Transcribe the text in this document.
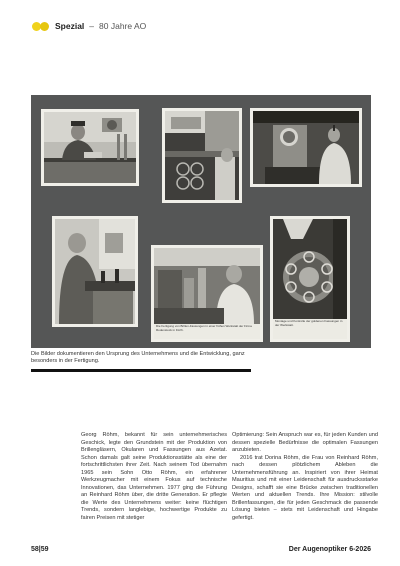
Spezial – 80 Jahre AO
Die Fertigung von Brillen-Fassungen in einer frühen Werkstatt der Firma Rodenstock in Fürth.
Montage und Kontrolle der goldenen Fassungen in der Werkstatt.
Die Bilder dokumentieren den Ursprung des Unternehmens und die Entwicklung, ganz besonders in der Fertigung.

Georg Röhm, bekannt für sein unternehmerisches Geschick, legte den Grundstein mit der Produktion von Brillengläsern, Okularen und Fassungen aus Azetat. Schon damals galt seine Produktionsstätte als eine der fortschrittlichsten ihrer Zeit. Nach seinem Tod übernahm 1965 sein Sohn Otto Röhm, ein erfahrener Werkzeugmacher mit einem Fokus auf technische Innovationen, das Unternehmen. 1977 ging die Führung an Reinhard Röhm über, die dritte Generation. Er pflegte die Werte des Unternehmens weiter: keine flüchtigen Trends, sondern langlebige, hochwertige Produkte zu fairen Preisen mit stetiger

Optimierung: Sein Anspruch war es, für jeden Kunden und dessen spezielle Bedürfnisse die optimalen Fassungen anzubieten.

2016 trat Dorina Röhm, die Frau von Reinhard Röhm, nach dessen plötzlichem Ableben die Unternehmensführung an. Inspiriert von ihrer Heimat Mauritius und mit einer Leidenschaft für ausdrucksstarke Designs, schafft sie eine Brücke zwischen traditionellen Werten und aktuellen Trends. Ihre Mission: stilvolle Brillenfassungen, die für jeden Geschmack die passende Lösung bieten – stets mit Leidenschaft und Hingabe gefertigt.

58|59	Der Augenoptiker 6-2026
